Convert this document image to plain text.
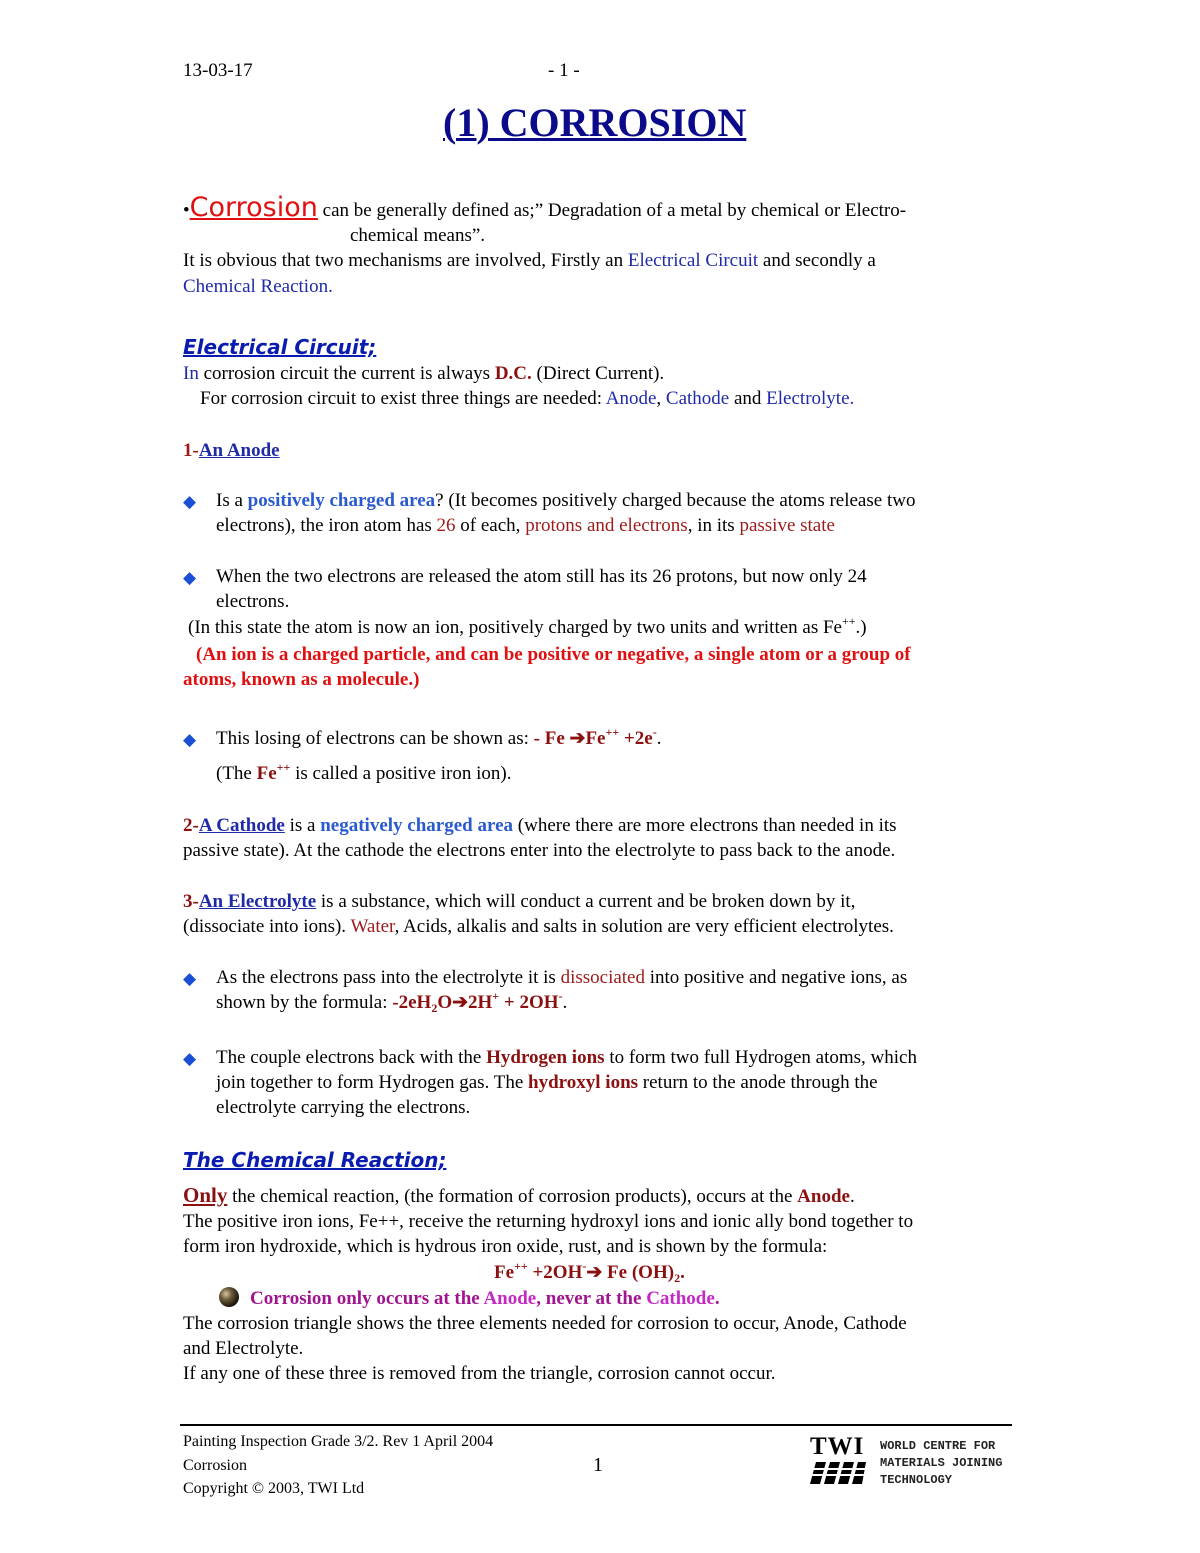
13-03-17	- 1 -
(1) CORROSION
•Corrosion can be generally defined as;” Degradation of a metal by chemical or Electro-
chemical means”.
It is obvious that two mechanisms are involved, Firstly an Electrical Circuit and secondly a
Chemical Reaction.
Electrical Circuit;
In corrosion circuit the current is always D.C. (Direct Current).
For corrosion circuit to exist three things are needed: Anode, Cathode and Electrolyte.
1-An Anode
◆ Is a positively charged area? (It becomes positively charged because the atoms release two
electrons), the iron atom has 26 of each, protons and electrons, in its passive state
◆ When the two electrons are released the atom still has its 26 protons, but now only 24
electrons.
(In this state the atom is now an ion, positively charged by two units and written as Fe++.)
(An ion is a charged particle, and can be positive or negative, a single atom or a group of
atoms, known as a molecule.)
◆ This losing of electrons can be shown as: - Fe ➔Fe++ +2e-.
(The Fe++ is called a positive iron ion).
2-A Cathode is a negatively charged area (where there are more electrons than needed in its
passive state). At the cathode the electrons enter into the electrolyte to pass back to the anode.
3-An Electrolyte is a substance, which will conduct a current and be broken down by it,
(dissociate into ions). Water, Acids, alkalis and salts in solution are very efficient electrolytes.
◆ As the electrons pass into the electrolyte it is dissociated into positive and negative ions, as
shown by the formula: $-2eH_2O➔2H^+ + 2OH^-$.
◆ The couple electrons back with the Hydrogen ions to form two full Hydrogen atoms, which
join together to form Hydrogen gas. The hydroxyl ions return to the anode through the
electrolyte carrying the electrons.
The Chemical Reaction;
Only the chemical reaction, (the formation of corrosion products), occurs at the Anode.
The positive iron ions, Fe++, receive the returning hydroxyl ions and ionic ally bond together to
form iron hydroxide, which is hydrous iron oxide, rust, and is shown by the formula:
Fe++ +2OH-➔ Fe $(OH)_2$.
Corrosion only occurs at the Anode, never at the Cathode.
The corrosion triangle shows the three elements needed for corrosion to occur, Anode, Cathode
and Electrolyte.
If any one of these three is removed from the triangle, corrosion cannot occur.
Painting Inspection Grade 3/2. Rev 1 April 2004
Corrosion
Copyright © 2003, TWI Ltd
1
TWI WORLD CENTRE FOR
MATERIALS JOINING
TECHNOLOGY
